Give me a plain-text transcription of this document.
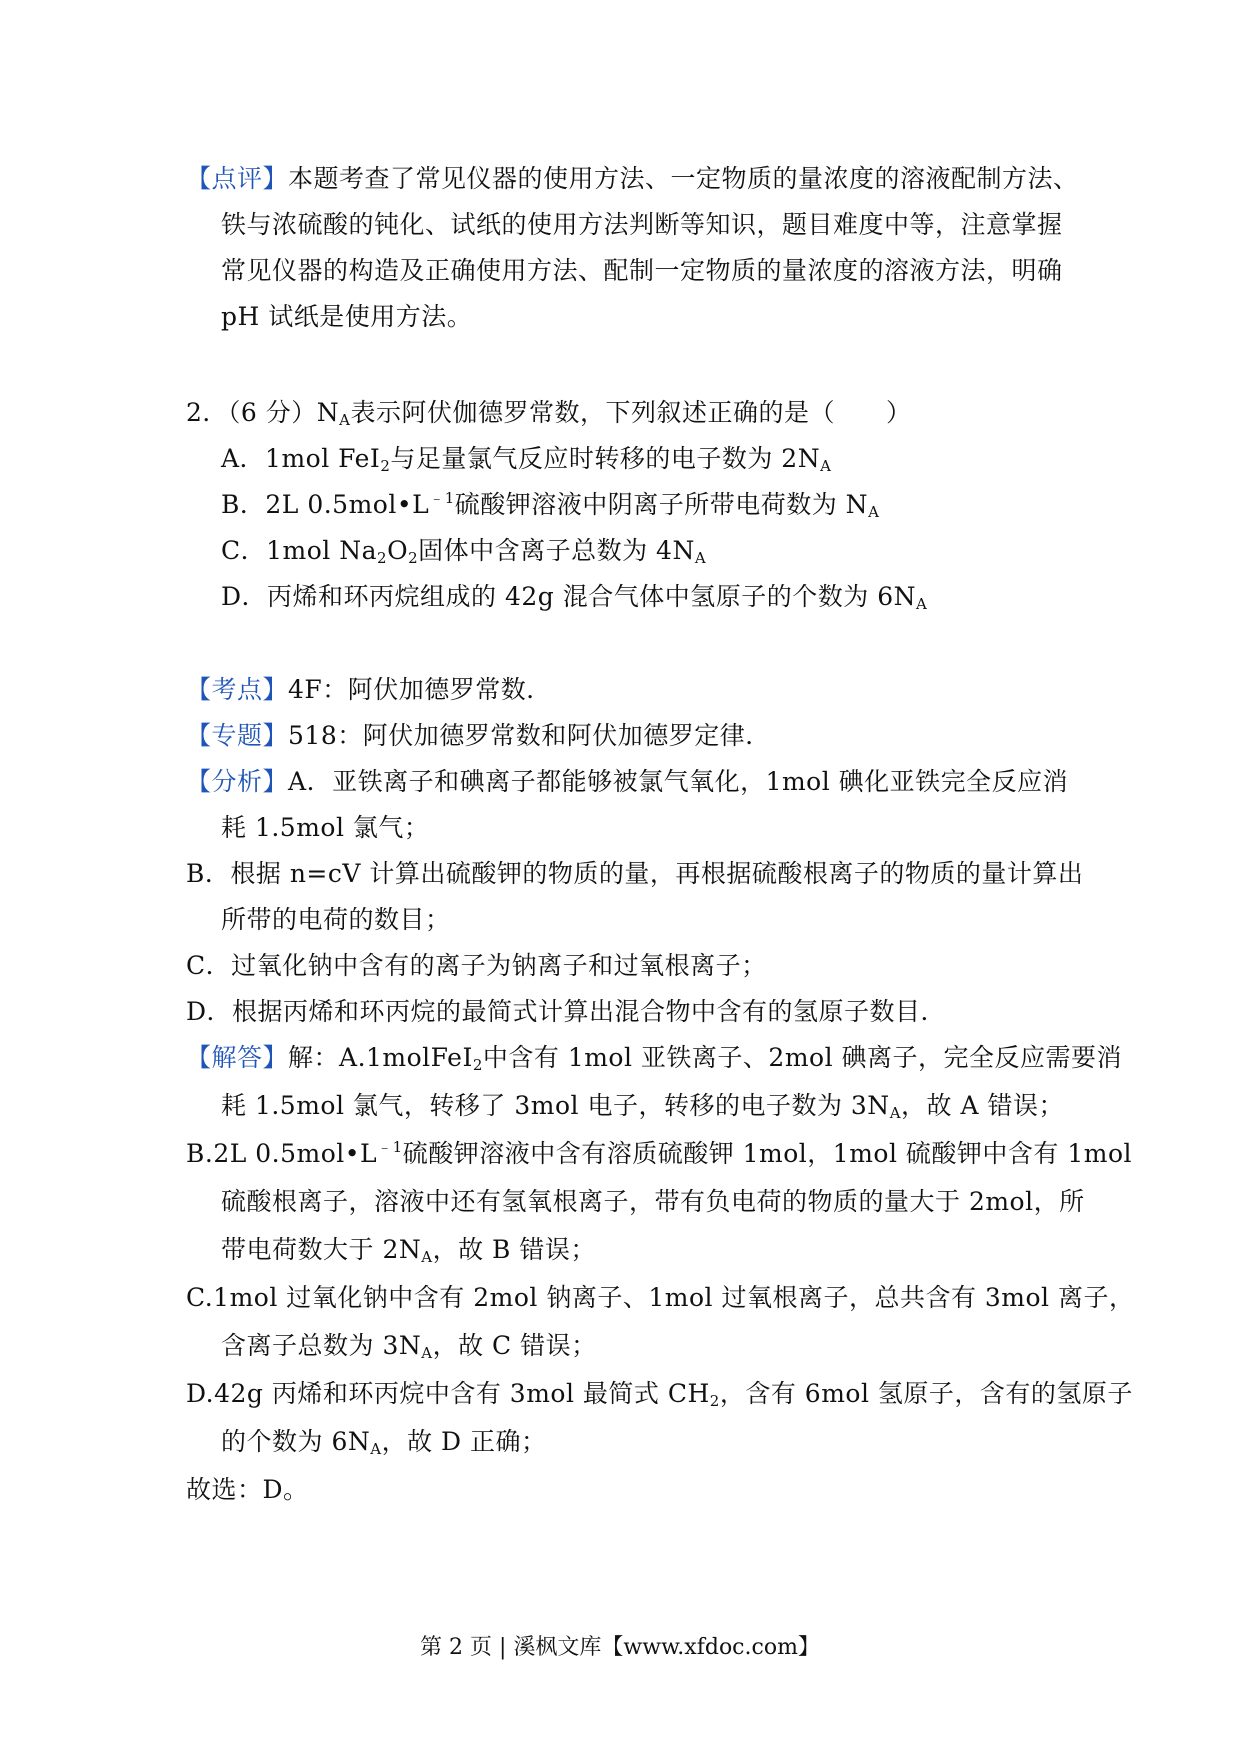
【点评】本题考查了常见仪器的使用方法、一定物质的量浓度的溶液配制方法、
铁与浓硫酸的钝化、试纸的使用方法判断等知识，题目难度中等，注意掌握
常见仪器的构造及正确使用方法、配制一定物质的量浓度的溶液方法，明确
pH 试纸是使用方法。
2．（6 分）$N_A$表示阿伏伽德罗常数，下列叙述正确的是（　　）
A．1mol FeI$_2$与足量氯气反应时转移的电子数为 $2N_A$
B．2L $0.5mol•L^{﹣1}$硫酸钾溶液中阴离子所带电荷数为 $N_A$
C．1mol $Na_2O_2$固体中含离子总数为 $4N_A$
D．丙烯和环丙烷组成的 42g 混合气体中氢原子的个数为 $6N_A$
【考点】4F：阿伏加德罗常数．
【专题】518：阿伏加德罗常数和阿伏加德罗定律．
【分析】A．亚铁离子和碘离子都能够被氯气氧化，1mol 碘化亚铁完全反应消
耗 1.5mol 氯气；
B．根据 n=cV 计算出硫酸钾的物质的量，再根据硫酸根离子的物质的量计算出
所带的电荷的数目；
C．过氧化钠中含有的离子为钠离子和过氧根离子；
D．根据丙烯和环丙烷的最简式计算出混合物中含有的氢原子数目．
【解答】解：A.1molFeI$_2$中含有 1mol 亚铁离子、2mol 碘离子，完全反应需要消
耗 1.5mol 氯气，转移了 3mol 电子，转移的电子数为 $3N_A$，故 A 错误；
B.2L $0.5mol•L^{﹣1}$硫酸钾溶液中含有溶质硫酸钾 1mol，1mol 硫酸钾中含有 1mol
硫酸根离子，溶液中还有氢氧根离子，带有负电荷的物质的量大于 2mol，所
带电荷数大于 $2N_A$，故 B 错误；
C.1mol 过氧化钠中含有 2mol 钠离子、1mol 过氧根离子，总共含有 3mol 离子，
含离子总数为 $3N_A$，故 C 错误；
D.42g 丙烯和环丙烷中含有 3mol 最简式 $CH_2$，含有 6mol 氢原子，含有的氢原子
的个数为 $6N_A$，故 D 正确；
故选：D。
第 2 页 | 溪枫文库【www.xfdoc.com】
